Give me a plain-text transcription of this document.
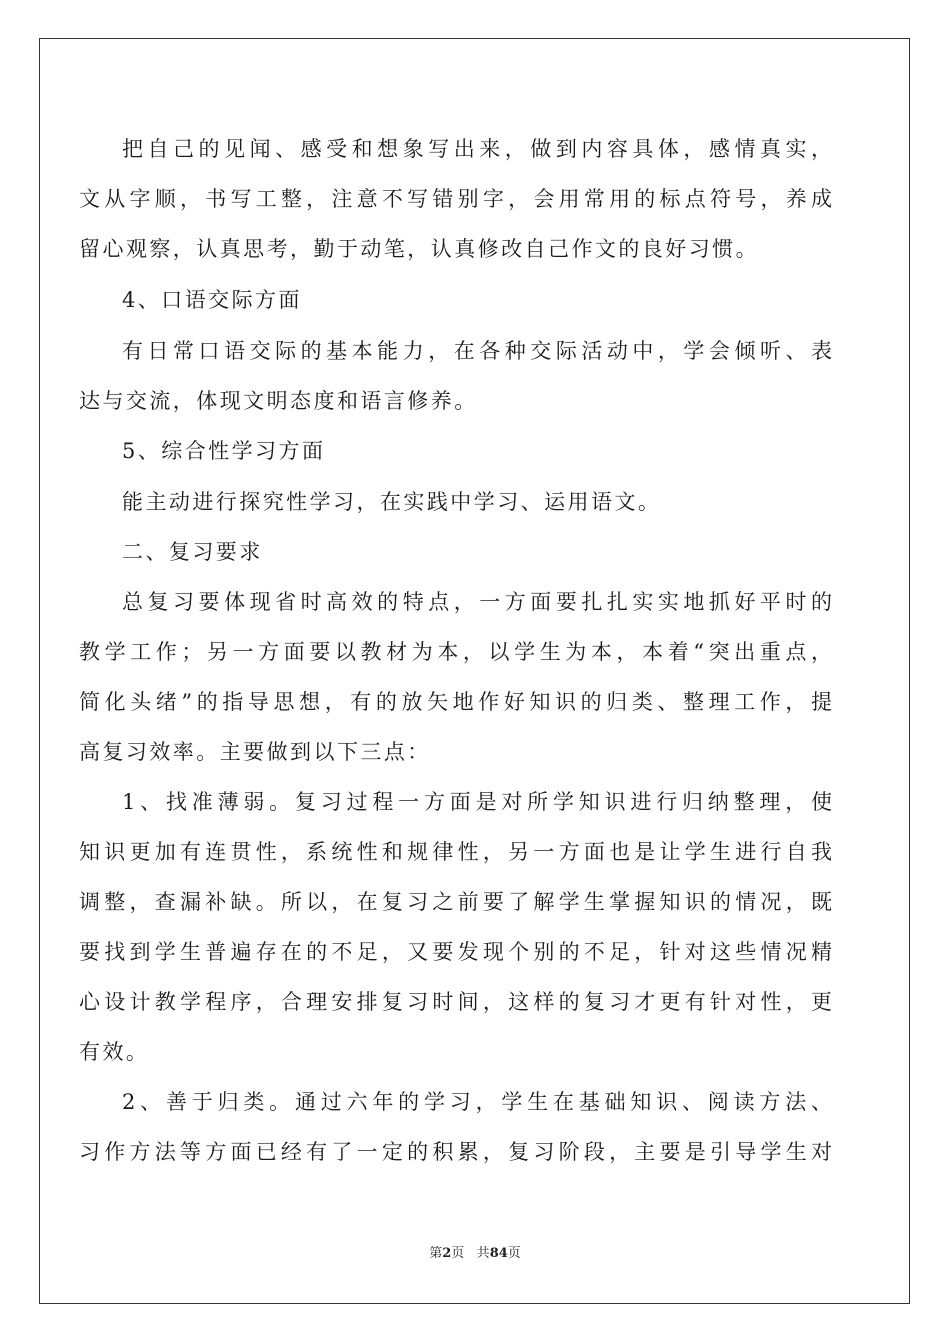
把自己的见闻、感受和想象写出来，做到内容具体，感情真实，
文从字顺，书写工整，注意不写错别字，会用常用的标点符号，养成
留心观察，认真思考，勤于动笔，认真修改自己作文的良好习惯。
4、口语交际方面
有日常口语交际的基本能力，在各种交际活动中，学会倾听、表
达与交流，体现文明态度和语言修养。
5、综合性学习方面
能主动进行探究性学习，在实践中学习、运用语文。
二、复习要求
总复习要体现省时高效的特点，一方面要扎扎实实地抓好平时的
教学工作；另一方面要以教材为本，以学生为本，本着“突出重点，
简化头绪”的指导思想，有的放矢地作好知识的归类、整理工作，提
高复习效率。主要做到以下三点：
1、找准薄弱。复习过程一方面是对所学知识进行归纳整理，使
知识更加有连贯性，系统性和规律性，另一方面也是让学生进行自我
调整，查漏补缺。所以，在复习之前要了解学生掌握知识的情况，既
要找到学生普遍存在的不足，又要发现个别的不足，针对这些情况精
心设计教学程序，合理安排复习时间，这样的复习才更有针对性，更
有效。
2、善于归类。通过六年的学习，学生在基础知识、阅读方法、
习作方法等方面已经有了一定的积累，复习阶段，主要是引导学生对
第2页 共84页
